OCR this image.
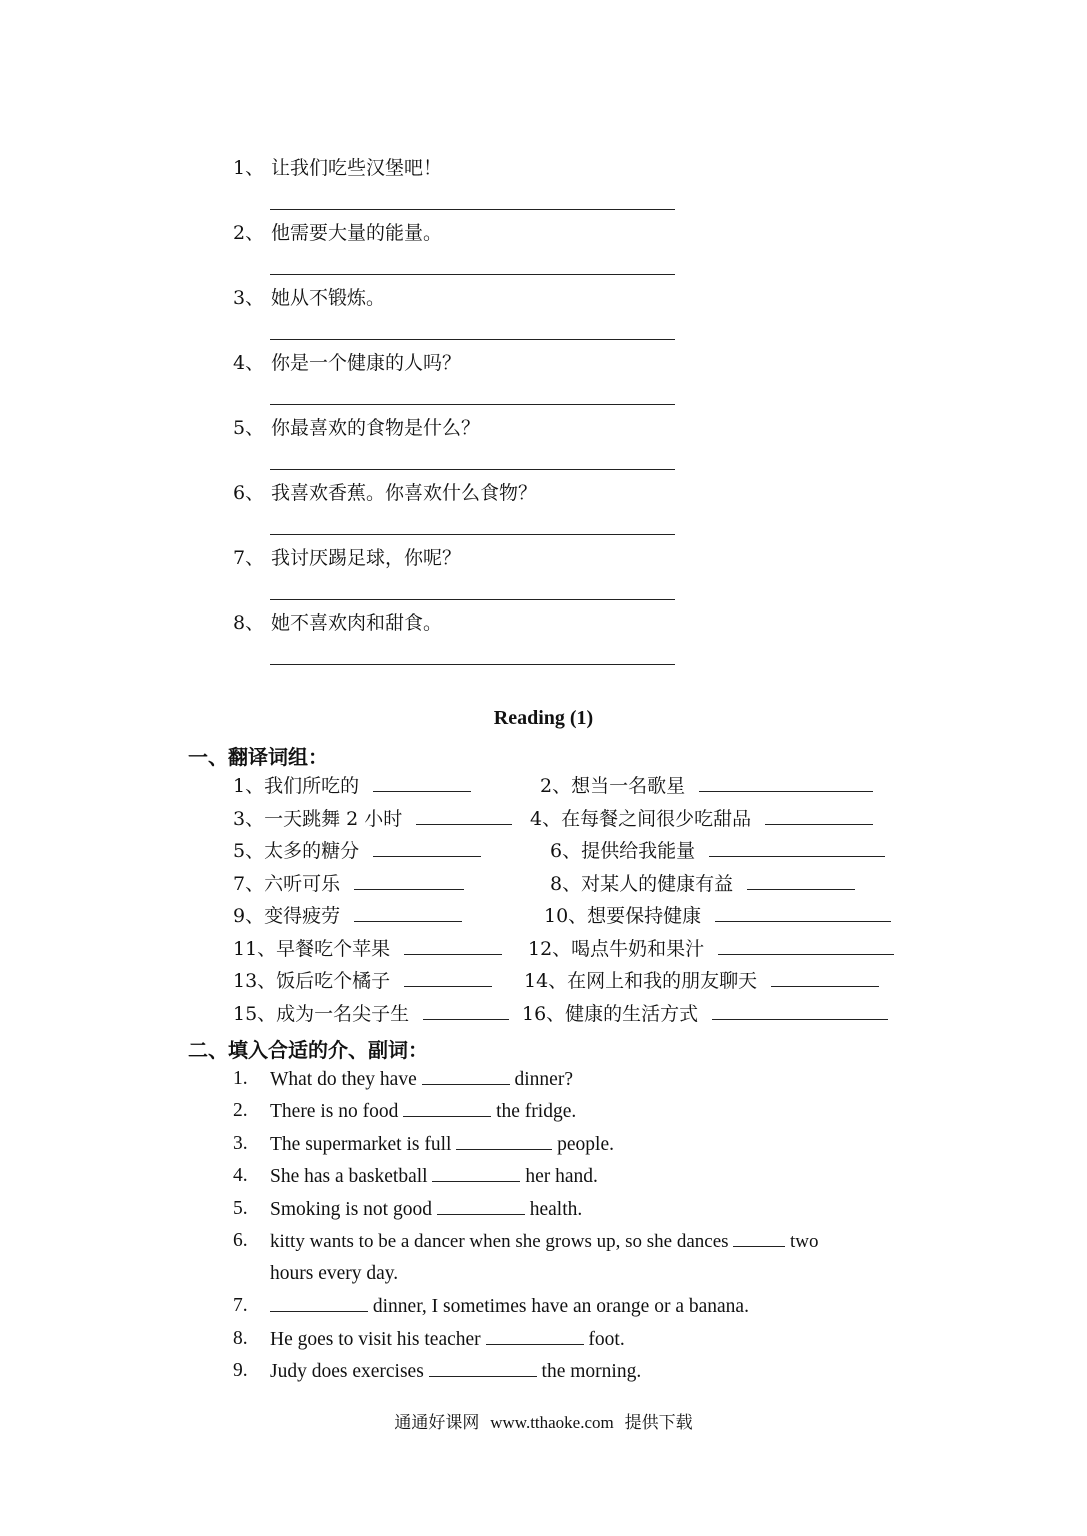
1、 让我们吃些汉堡吧！
2、 他需要大量的能量。
3、 她从不锻炼。
4、 你是一个健康的人吗？
5、 你最喜欢的食物是什么？
6、 我喜欢香蕉。你喜欢什么食物？
7、 我讨厌踢足球，你呢？
8、 她不喜欢肉和甜食。
Reading (1)
一、翻译词组：
1、我们所吃的	2、想当一名歌星
3、一天跳舞 2 小时	4、在每餐之间很少吃甜品
5、太多的糖分	6、提供给我能量
7、六听可乐	8、对某人的健康有益
9、变得疲劳	10、想要保持健康
11、早餐吃个苹果	12、喝点牛奶和果汁
13、饭后吃个橘子	14、在网上和我的朋友聊天
15、成为一名尖子生	16、健康的生活方式
二、填入合适的介、副词：
1. What do they have	dinner?
2. There is no food	the fridge.
3. The supermarket is full	people.
4. She has a basketball	her hand.
5. Smoking is not good	health.
6. kitty wants to be a dancer when she grows up, so she dances	two
hours every day.
7.	dinner, I sometimes have an orange or a banana.
8. He goes to visit his teacher	foot.
9. Judy does exercises	the morning.
通通好课网 www.tthaoke.com 提供下载
